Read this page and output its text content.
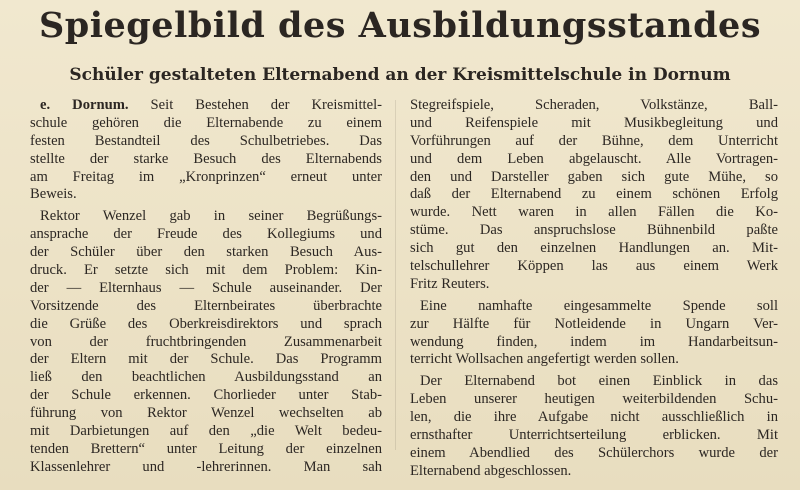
Spiegelbild des Ausbildungsstandes
Schüler gestalteten Elternabend an der Kreismittelschule in Dornum
e. Dornum. Seit Bestehen der Kreismittel-
schule gehören die Elternabende zu einem
festen Bestandteil des Schulbetriebes. Das
stellte der starke Besuch des Elternabends
am Freitag im „Kronprinzen“ erneut unter
Beweis.
Rektor Wenzel gab in seiner Begrüßungs-
ansprache der Freude des Kollegiums und
der Schüler über den starken Besuch Aus-
druck. Er setzte sich mit dem Problem: Kin-
der — Elternhaus — Schule auseinander. Der
Vorsitzende des Elternbeirates überbrachte
die Grüße des Oberkreisdirektors und sprach
von der fruchtbringenden Zusammenarbeit
der Eltern mit der Schule. Das Programm
ließ den beachtlichen Ausbildungsstand an
der Schule erkennen. Chorlieder unter Stab-
führung von Rektor Wenzel wechselten ab
mit Darbietungen auf den „die Welt bedeu-
tenden Brettern“ unter Leitung der einzelnen
Klassenlehrer und -lehrerinnen. Man sah
Stegreifspiele, Scheraden, Volkstänze, Ball-
und Reifenspiele mit Musikbegleitung und
Vorführungen auf der Bühne, dem Unterricht
und dem Leben abgelauscht. Alle Vortragen-
den und Darsteller gaben sich gute Mühe, so
daß der Elternabend zu einem schönen Erfolg
wurde. Nett waren in allen Fällen die Ko-
stüme. Das anspruchslose Bühnenbild paßte
sich gut den einzelnen Handlungen an. Mit-
telschullehrer Köppen las aus einem Werk
Fritz Reuters.
Eine namhafte eingesammelte Spende soll
zur Hälfte für Notleidende in Ungarn Ver-
wendung finden, indem im Handarbeitsun-
terricht Wollsachen angefertigt werden sollen.
Der Elternabend bot einen Einblick in das
Leben unserer heutigen weiterbildenden Schu-
len, die ihre Aufgabe nicht ausschließlich in
ernsthafter Unterrichtserteilung erblicken. Mit
einem Abendlied des Schülerchors wurde der
Elternabend abgeschlossen.
